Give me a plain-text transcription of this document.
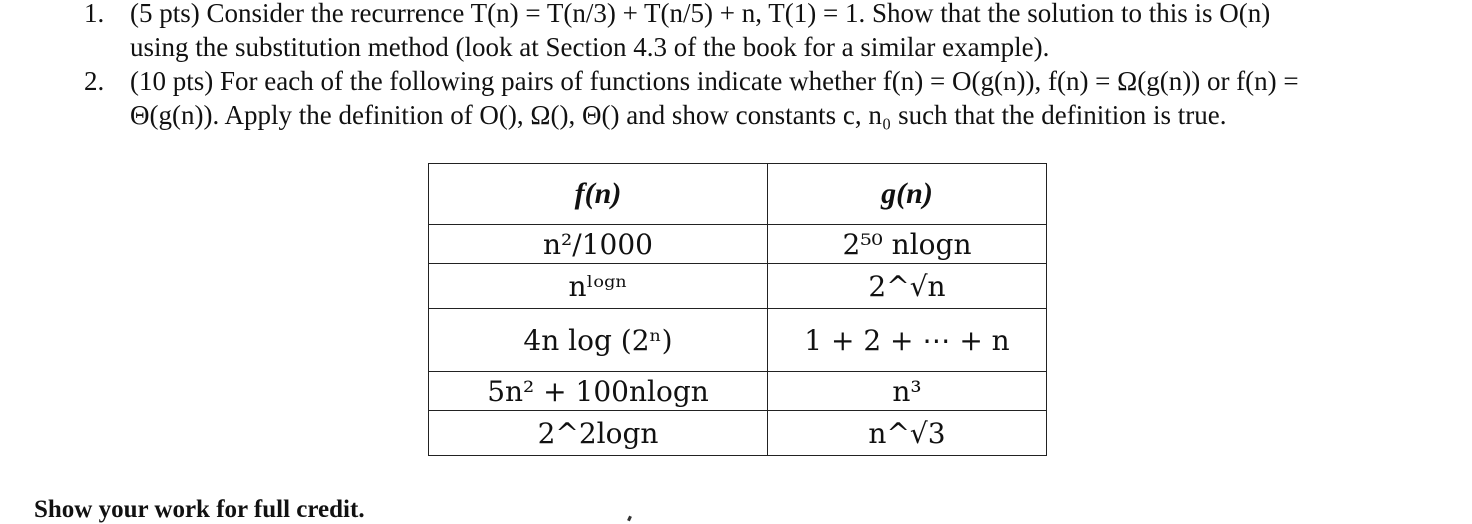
1. (5 pts) Consider the recurrence T(n) = T(n/3) + T(n/5) + n, T(1) = 1. Show that the solution to this is O(n)
using the substitution method (look at Section 4.3 of the book for a similar example).
2. (10 pts) For each of the following pairs of functions indicate whether f(n) = O(g(n)), f(n) = Ω(g(n)) or f(n) =
Θ(g(n)). Apply the definition of O(), Ω(), Θ() and show constants c, n₀ such that the definition is true.
f(n)	g(n)
n²/1000	2⁵⁰ nlogn
nˡᵒᵍⁿ	2^√n
4n log (2ⁿ)	1 + 2 + ⋯ + n
5n² + 100nlogn	n³
2^2logn	n^√3
Show your work for full credit.
